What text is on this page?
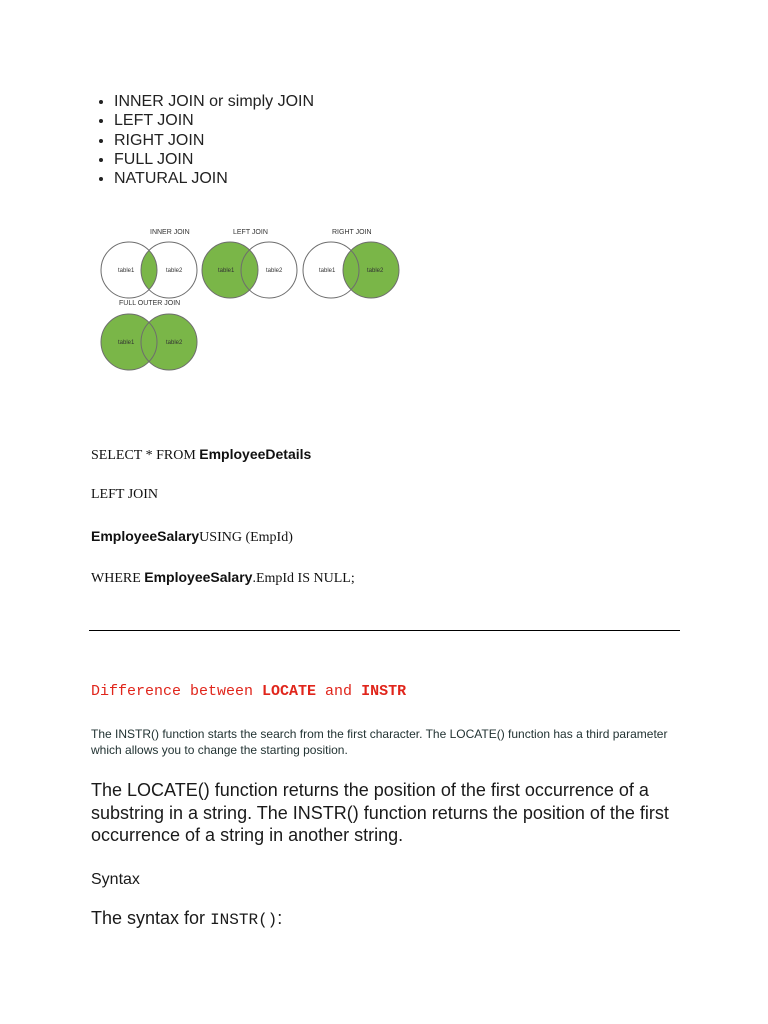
• INNER JOIN or simply JOIN
• LEFT JOIN
• RIGHT JOIN
• FULL JOIN
• NATURAL JOIN
INNER JOIN
table1	table2
LEFT JOIN
table1	table2
RIGHT JOIN
table1	table2
FULL OUTER JOIN
table1	table2
SELECT * FROM EmployeeDetails
LEFT JOIN
EmployeeSalaryUSING (EmpId)
WHERE EmployeeSalary.EmpId IS NULL;
Difference between LOCATE and INSTR
The INSTR() function starts the search from the first character. The LOCATE() function has a third parameter which allows you to change the starting position.
The LOCATE() function returns the position of the first occurrence of a substring in a string. The INSTR() function returns the position of the first occurrence of a string in another string.
Syntax
The syntax for INSTR():
